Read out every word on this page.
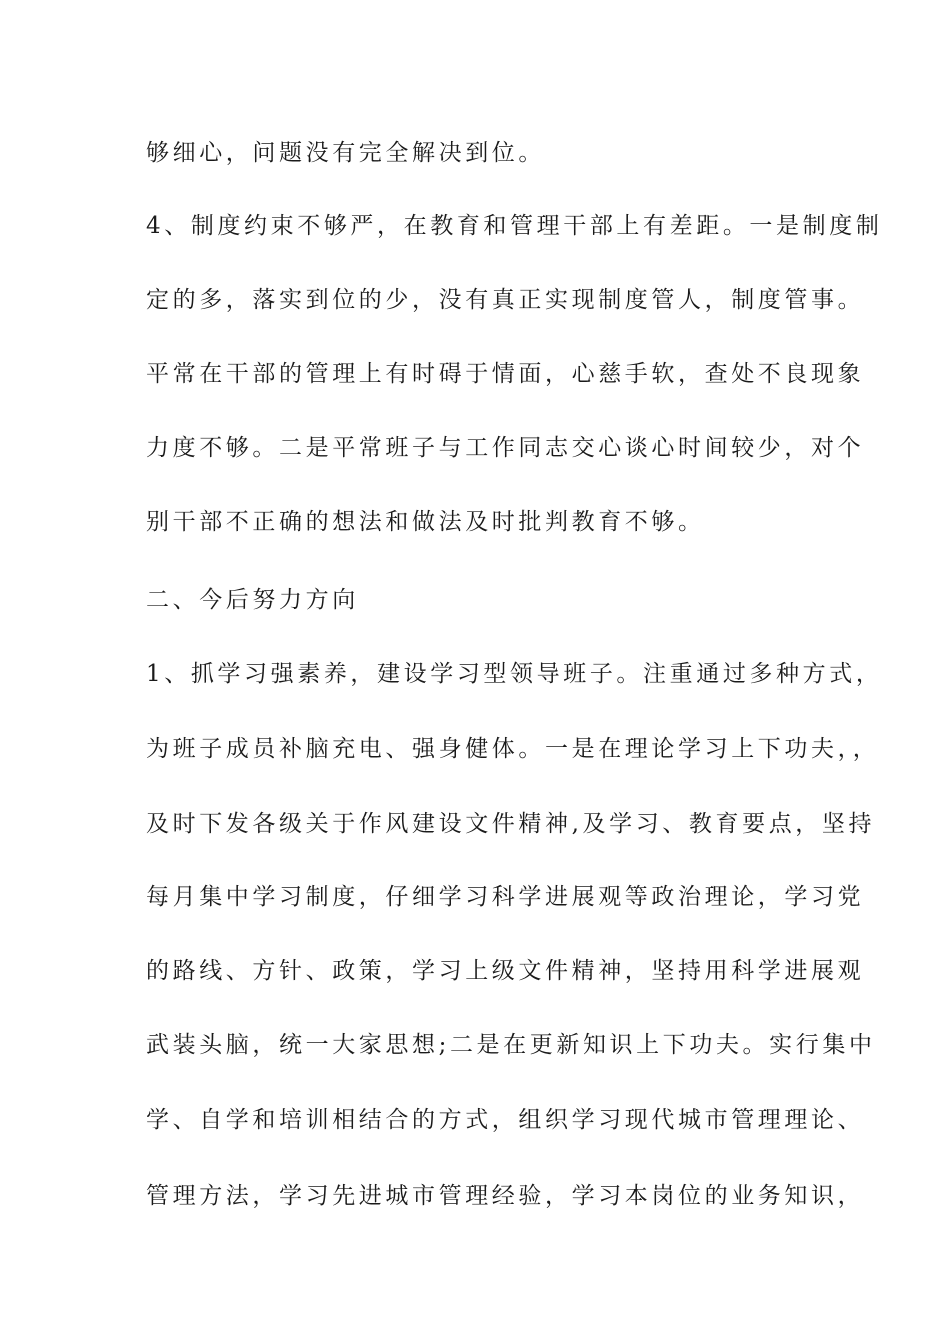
够细心，问题没有完全解决到位。
4、制度约束不够严，在教育和管理干部上有差距。一是制度制
定的多，落实到位的少，没有真正实现制度管人，制度管事。
平常在干部的管理上有时碍于情面，心慈手软，查处不良现象
力度不够。二是平常班子与工作同志交心谈心时间较少，对个
别干部不正确的想法和做法及时批判教育不够。
二、今后努力方向
1、抓学习强素养，建设学习型领导班子。注重通过多种方式，
为班子成员补脑充电、强身健体。一是在理论学习上下功夫，，
及时下发各级关于作风建设文件精神,及学习、教育要点，坚持
每月集中学习制度，仔细学习科学进展观等政治理论，学习党
的路线、方针、政策，学习上级文件精神，坚持用科学进展观
武装头脑，统一大家思想;二是在更新知识上下功夫。实行集中
学、自学和培训相结合的方式，组织学习现代城市管理理论、
管理方法，学习先进城市管理经验，学习本岗位的业务知识，
